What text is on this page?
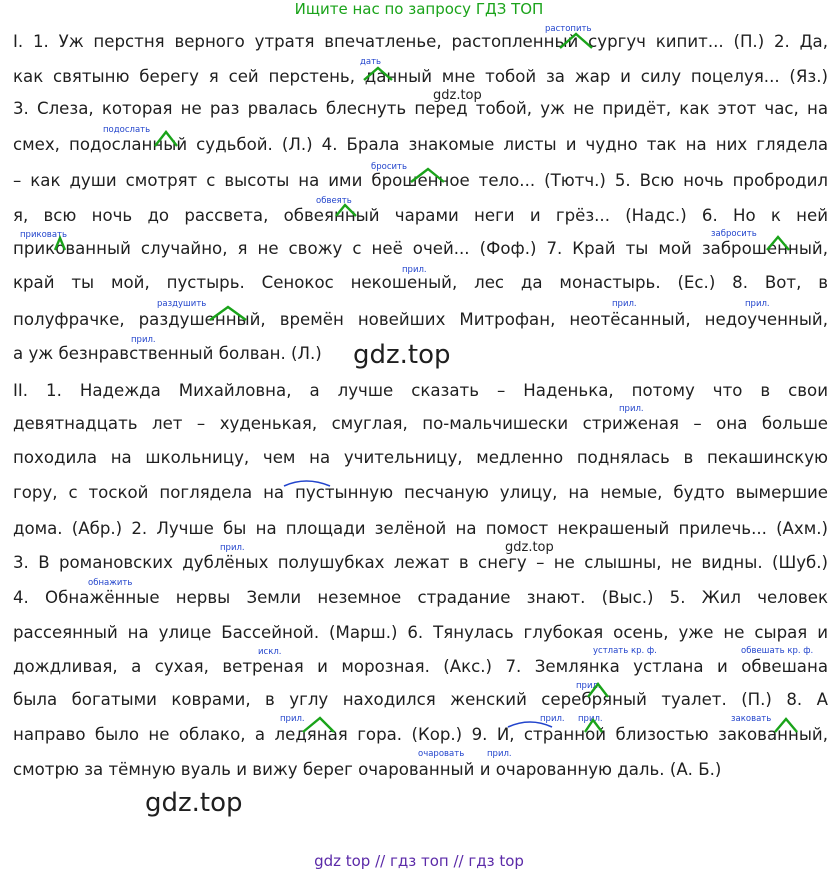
Ищите нас по запросу ГДЗ ТОП
I. 1. Уж перстня верного утратя впечатленье, растопленный сургуч кипит... (П.) 2. Да,
как святыню берегу я сей перстень, данный мне тобой за жар и силу поцелуя... (Яз.)
3. Слеза, которая не раз рвалась блеснуть перед тобой, уж не придёт, как этот час, на
смех, подосланный судьбой. (Л.) 4. Брала знакомые листы и чудно так на них глядела
– как души смотрят с высоты на ими брошенное тело... (Тютч.) 5. Всю ночь пробродил
я, всю ночь до рассвета, обвеянный чарами неги и грёз... (Надс.) 6. Но к ней
прикованный случайно, я не свожу с неё очей... (Фоф.) 7. Край ты мой заброшенный,
край ты мой, пустырь. Сенокос некошеный, лес да монастырь. (Ес.) 8. Вот, в
полуфрачке, раздушенный, времён новейших Митрофан, неотёсанный, недоученный,
а уж безнравственный болван. (Л.)
II. 1. Надежда Михайловна, а лучше сказать – Наденька, потому что в свои
девятнадцать лет – худенькая, смуглая, по-мальчишески стриженая – она больше
походила на школьницу, чем на учительницу, медленно поднялась в пекашинскую
гору, с тоской поглядела на пустынную песчаную улицу, на немые, будто вымершие
дома. (Абр.) 2. Лучше бы на площади зелёной на помост некрашеный прилечь... (Ахм.)
3. В романовских дублёных полушубках лежат в снегу – не слышны, не видны. (Шуб.)
4. Обнажённые нервы Земли неземное страдание знают. (Выс.) 5. Жил человек
рассеянный на улице Бассейной. (Марш.) 6. Тянулась глубокая осень, уже не сырая и
дождливая, а сухая, ветреная и морозная. (Акс.) 7. Землянка устлана и обвешана
была богатыми коврами, в углу находился женский серебряный туалет. (П.) 8. А
направо было не облако, а ледяная гора. (Кор.) 9. И, странной близостью закованный,
смотрю за тёмную вуаль и вижу берег очарованный и очарованную даль. (А. Б.)
растопить
дать
подослать
бросить
обвеять
приковать	забросить
прил.
раздушить	прил.	прил.
прил.
прил.
прил.
обнажить
искл.	устлать кр. ф.	обвешать кр. ф.
прил.
прил.	прил.	заковать
очаровать
прил.
прил.
gdz.top
gdz.top
gdz.top
gdz.top
gdz top // гдз топ // гдз top
